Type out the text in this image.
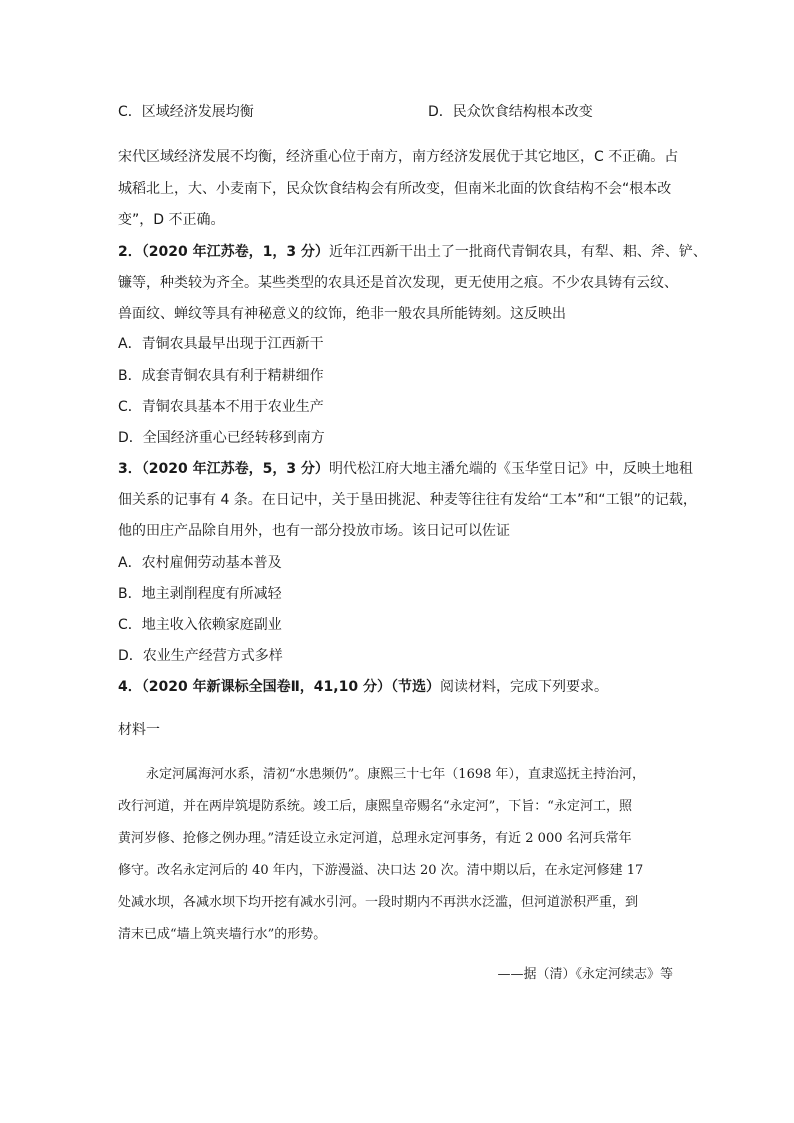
C．区域经济发展均衡	D．民众饮食结构根本改变
宋代区域经济发展不均衡，经济重心位于南方，南方经济发展优于其它地区，C 不正确。占
城稻北上，大、小麦南下，民众饮食结构会有所改变，但南米北面的饮食结构不会“根本改
变”，D 不正确。
2．（2020 年江苏卷，1，3 分）近年江西新干出土了一批商代青铜农具，有犁、耜、斧、铲、
镰等，种类较为齐全。某些类型的农具还是首次发现，更无使用之痕。不少农具铸有云纹、
兽面纹、蝉纹等具有神秘意义的纹饰，绝非一般农具所能铸刻。这反映出
A．青铜农具最早出现于江西新干
B．成套青铜农具有利于精耕细作
C．青铜农具基本不用于农业生产
D．全国经济重心已经转移到南方
3．（2020 年江苏卷，5，3 分）明代松江府大地主潘允端的《玉华堂日记》中，反映土地租
佃关系的记事有 4 条。在日记中，关于垦田挑泥、种麦等往往有发给“工本”和“工银”的记载，
他的田庄产品除自用外，也有一部分投放市场。该日记可以佐证
A．农村雇佣劳动基本普及
B．地主剥削程度有所减轻
C．地主收入依赖家庭副业
D．农业生产经营方式多样
4．（2020 年新课标全国卷Ⅱ，41,10 分）（节选）阅读材料，完成下列要求。
材料一
永定河属海河水系，清初“水患频仍”。康熙三十七年（1698 年），直隶巡抚主持治河，
改行河道，并在两岸筑堤防系统。竣工后，康熙皇帝赐名“永定河”，下旨：“永定河工，照
黄河岁修、抢修之例办理。”清廷设立永定河道，总理永定河事务，有近 2 000 名河兵常年
修守。改名永定河后的 40 年内，下游漫溢、决口达 20 次。清中期以后，在永定河修建 17
处减水坝，各减水坝下均开挖有减水引河。一段时期内不再洪水泛滥，但河道淤积严重，到
清末已成“墙上筑夹墙行水”的形势。
——据（清）《永定河续志》等
